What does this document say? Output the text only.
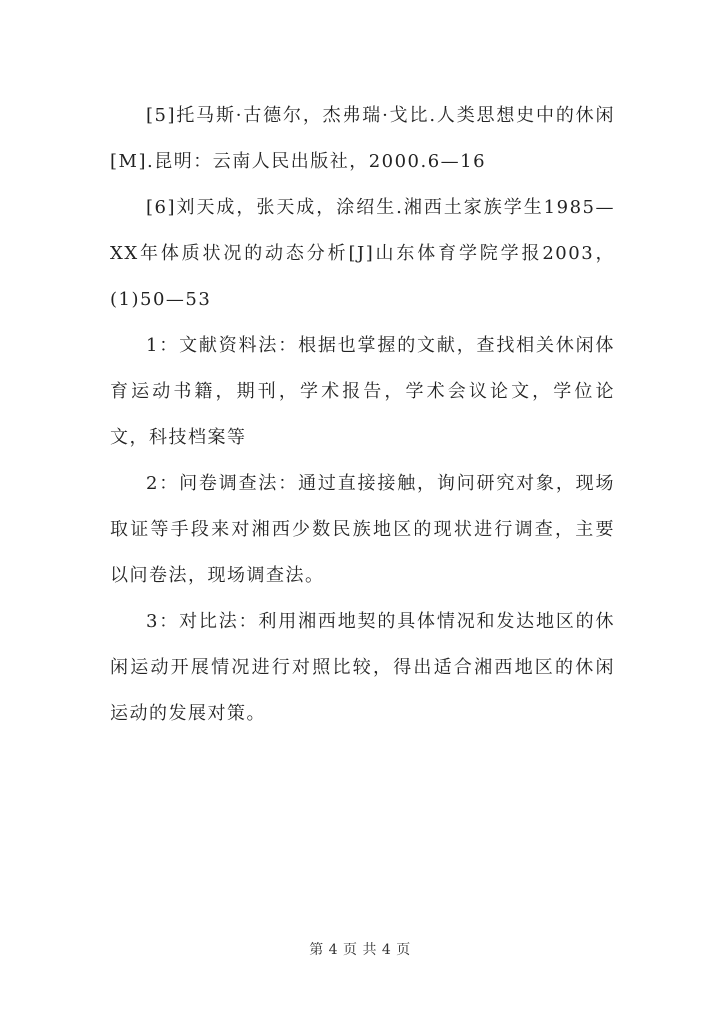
[5]托马斯·古德尔，杰弗瑞·戈比.人类思想史中的休闲[M].昆明：云南人民出版社，2000.6—16

[6]刘天成，张天成，涂绍生.湘西土家族学生1985—XX年体质状况的动态分析[J]山东体育学院学报2003，(1)50—53

1：文献资料法：根据也掌握的文献，查找相关休闲体育运动书籍，期刊，学术报告，学术会议论文，学位论文，科技档案等

2：问卷调查法：通过直接接触，询问研究对象，现场取证等手段来对湘西少数民族地区的现状进行调查，主要以问卷法，现场调查法。

3：对比法：利用湘西地契的具体情况和发达地区的休闲运动开展情况进行对照比较，得出适合湘西地区的休闲运动的发展对策。

第 4 页 共 4 页
